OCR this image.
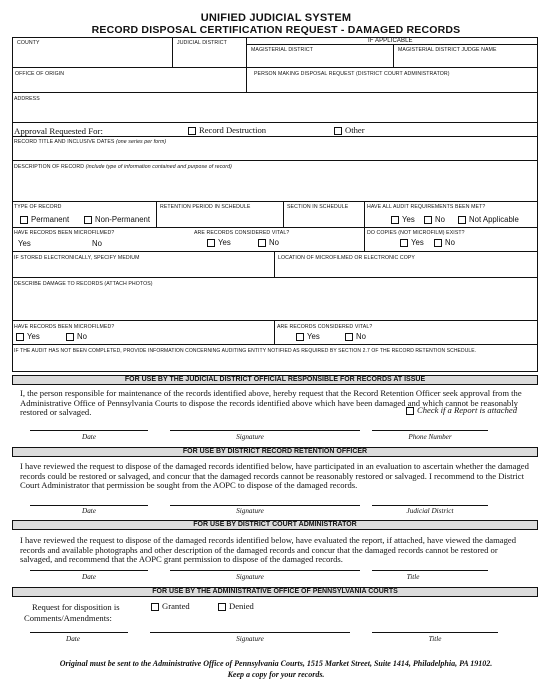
UNIFIED JUDICIAL SYSTEM
RECORD DISPOSAL CERTIFICATION REQUEST - DAMAGED RECORDS
COUNTY	JUDICIAL DISTRICT	IF APPLICABLE
MAGISTERIAL DISTRICT	MAGISTERIAL DISTRICT JUDGE NAME
OFFICE OF ORIGIN	PERSON MAKING DISPOSAL REQUEST (DISTRICT COURT ADMINISTRATOR)
ADDRESS
Approval Requested For:	Record Destruction	Other
RECORD TITLE AND INCLUSIVE DATES (one series per form)
DESCRIPTION OF RECORD (include type of information contained and purpose of record)
TYPE OF RECORD
Permanent	Non-Permanent
RETENTION PERIOD IN SCHEDULE	SECTION IN SCHEDULE	HAVE ALL AUDIT REQUIREMENTS BEEN MET?
Yes	No	Not Applicable
HAVE RECORDS BEEN MICROFILMED?
Yes	No
ARE RECORDS CONSIDERED VITAL?
Yes	No
DO COPIES (NOT MICROFILM) EXIST?
Yes	No
IF STORED ELECTRONICALLY, SPECIFY MEDIUM	LOCATION OF MICROFILMED OR ELECTRONIC COPY
DESCRIBE DAMAGE TO RECORDS (ATTACH PHOTOS)
HAVE RECORDS BEEN MICROFILMED?
Yes	No
ARE RECORDS CONSIDERED VITAL?
Yes	No
IF THE AUDIT HAS NOT BEEN COMPLETED, PROVIDE INFORMATION CONCERNING AUDITING ENTITY NOTIFIED AS REQUIRED BY SECTION 2.7 OF THE RECORD RETENTION SCHEDULE.
FOR USE BY THE JUDICIAL DISTRICT OFFICIAL RESPONSIBLE FOR RECORDS AT ISSUE
I, the person responsible for maintenance of the records identified above, hereby request that the Record Retention Officer seek approval from the Administrative Office of Pennsylvania Courts to dispose the records identified above which have been damaged and which cannot be reasonably restored or salvaged.	Check if a Report is attached
Date	Signature	Phone Number
FOR USE BY DISTRICT RECORD RETENTION OFFICER
I have reviewed the request to dispose of the damaged records identified below, have participated in an evaluation to ascertain whether the damaged records could be restored or salvaged, and concur that the damaged records cannot be reasonably restored or salvaged. I recommend to the District Court Administrator that permission be sought from the AOPC to dispose of the damaged records.
Date	Signature	Judicial District
FOR USE BY DISTRICT COURT ADMINISTRATOR
I have reviewed the request to dispose of the damaged records identified below, have evaluated the report, if attached, have viewed the damaged records and available photographs and other description of the damaged records and concur that the damaged records cannot be restored or salvaged, and recommend that the AOPC grant permission to dispose of the damaged records.
Date	Signature	Title
FOR USE BY THE ADMINISTRATIVE OFFICE OF PENNSYLVANIA COURTS
Request for disposition is	Granted	Denied
Comments/Amendments:
Date	Signature	Title
Original must be sent to the Administrative Office of Pennsylvania Courts, 1515 Market Street, Suite 1414, Philadelphia, PA 19102.
Keep a copy for your records.
